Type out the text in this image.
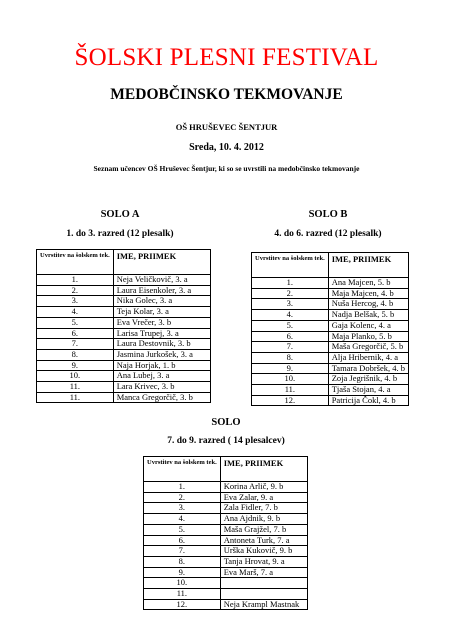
ŠOLSKI PLESNI FESTIVAL
MEDOBČINSKO TEKMOVANJE
OŠ HRUŠEVEC ŠENTJUR
Sreda, 10. 4. 2012
Seznam učencev OŠ Hruševec Šentjur, ki so se uvrstili na medobčinsko tekmovanje
SOLO A
1. do 3. razred (12 plesalk)
Uvrstitev na šolskem tek.	IME, PRIIMEK
1.	Neja Veličkovič, 3. a
2.	Laura Eisenkoler, 3. a
3.	Nika Golec, 3. a
4.	Teja Kolar, 3. a
5.	Eva Vrečer, 3. b
6.	Larisa Trupej, 3. a
7.	Laura Destovnik, 3. b
8.	Jasmina Jurkošek, 3. a
9.	Naja Horjak, 1. b
10.	Ana Lubej, 3. a
11.	Lara Krivec, 3. b
11.	Manca Gregorčič, 3. b
SOLO B
4. do 6. razred (12 plesalk)
Uvrstitev na šolskem tek.	IME, PRIIMEK
1.	Ana Majcen, 5. b
2.	Maja Majcen, 4. b
3.	Nuša Hercog, 4. b
4.	Nadja Belšak, 5. b
5.	Gaja Kolenc, 4. a
6.	Maja Planko, 5. b
7.	Maša Gregorčič, 5. b
8.	Alja Hribernik, 4. a
9.	Tamara Dobršek, 4. b
10.	Zoja Jegrišnik, 4. b
11.	Tjaša Stojan, 4. a
12.	Patricija Čokl, 4. b
SOLO
7. do 9. razred ( 14 plesalcev)
Uvrstitev na šolskem tek.	IME, PRIIMEK
1.	Korina Arlič, 9. b
2.	Eva Zalar, 9. a
3.	Zala Fidler, 7. b
4.	Ana Ajdnik, 9. b
5.	Maša Grajžel, 7. b
6.	Antoneta Turk, 7. a
7.	Urška Kukovič, 9. b
8.	Tanja Hrovat, 9. a
9.	Eva Marš, 7. a
10.	
11.	
12.	Neja Krampl Mastnak
